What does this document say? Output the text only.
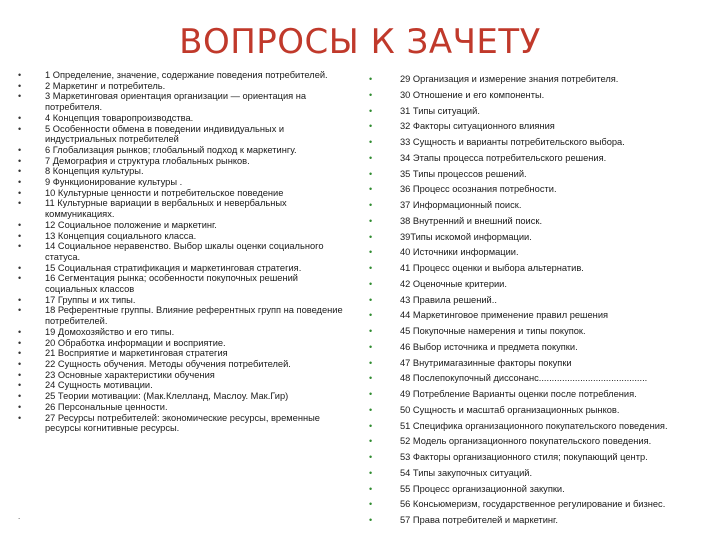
ВОПРОСЫ К ЗАЧЕТУ
•	1 Определение, значение, содержание поведения потребителей.
•	2 Маркетинг и потребитель.
•	3 Маркетинговая ориентация организации — ориентация на потребителя.
•	4 Концепция товаропроизводства.
•	5 Особенности обмена в поведении индивидуальных и индустриальных потребителей
•	6 Глобализация рынков; глобальный подход к маркетингу.
•	7 Демография и структура глобальных рынков.
•	8 Концепция культуры.
•	9 Функционирование культуры .
•	10 Культурные ценности и потребительское поведение
•	11 Культурные вариации в вербальных и невербальных коммуникациях.
•	12 Социальное положение и маркетинг.
•	13 Концепция социального класса.
•	14 Социальное неравенство. Выбор шкалы оценки социального статуса.
•	15 Социальная стратификация и маркетинговая стратегия.
•	16 Сегментация рынка; особенности покупочных решений социальных классов
•	17 Группы и их типы.
•	18 Референтные группы. Влияние референтных групп на поведение потребителей.
•	19 Домохозяйство и его типы.
•	20 Обработка информации и восприятие.
•	21 Восприятие и маркетинговая стратегия
•	22 Сущность обучения. Методы обучения потребителей.
•	23 Основные характеристики обучения
•	24 Сущность мотивации.
•	25 Теории мотивации: (Мак.Клелланд, Маслоу. Мак.Гир)
•	26 Персональные ценности.
•	27 Ресурсы потребителей: экономические ресурсы, временные ресурсы когнитивные ресурсы.
•	29 Организация и измерение знания потребителя.
•	30 Отношение и его компоненты.
•	31 Типы ситуаций.
•	32 Факторы ситуационного влияния
•	33 Сущность и варианты потребительского выбора.
•	34 Этапы процесса потребительского решения.
•	35 Типы процессов решений.
•	36 Процесс осознания потребности.
•	37 Информационный поиск.
•	38 Внутренний и внешний поиск.
•	39Типы искомой информации.
•	40 Источники информации.
•	41 Процесс оценки и выбора альтернатив.
•	42 Оценочные критерии.
•	43 Правила решений..
•	44 Маркетинговое применение правил решения
•	45 Покупочные намерения и типы покупок.
•	46 Выбор источника и предмета покупки.
•	47 Внутримагазинные факторы покупки
•	48 Послепокупочный диссонанс..........................................
•	49 Потребление Варианты оценки после потребления.
•	50 Сущность и масштаб организационных рынков.
•	51 Специфика организационного покупательского поведения.
•	52 Модель организационного покупательского поведения.
•	53 Факторы организационного стиля; покупающий центр.
•	54 Типы закупочных ситуаций.
•	55 Процесс организационной закупки.
•	56 Консьюмеризм, государственное регулирование и бизнес.
•	57 Права потребителей и маркетинг.
.
